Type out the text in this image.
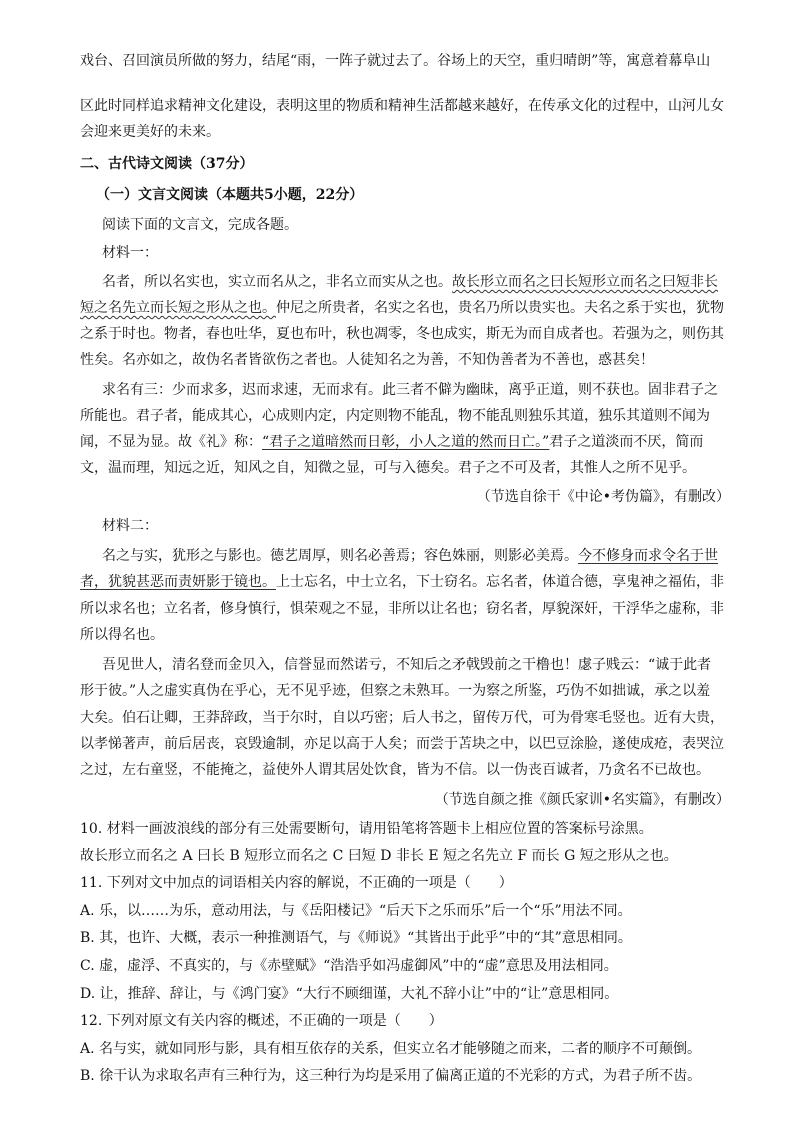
戏台、召回演员所做的努力，结尾“雨，一阵子就过去了。谷场上的天空，重归晴朗”等，寓意着幕阜山
区此时同样追求精神文化建设，表明这里的物质和精神生活都越来越好，在传承文化的过程中，山河儿女
会迎来更美好的未来。
二、古代诗文阅读（37分）
（一）文言文阅读（本题共5小题，22分）
阅读下面的文言文，完成各题。
材料一：
名者，所以名实也，实立而名从之，非名立而实从之也。故长形立而名之曰长短形立而名之曰短非长
短之名先立而长短之形从之也。仲尼之所贵者，名实之名也，贵名乃所以贵实也。夫名之系于实也，犹物
之系于时也。物者，春也吐华，夏也布叶，秋也凋零，冬也成实，斯无为而自成者也。若强为之，则伤其
性矣。名亦如之，故伪名者皆欲伤之者也。人徒知名之为善，不知伪善者为不善也，惑甚矣！
求名有三：少而求多，迟而求速，无而求有。此三者不僻为幽昧，离乎正道，则不获也。固非君子之
所能也。君子者，能成其心，心成则内定，内定则物不能乱，物不能乱则独乐其道，独乐其道则不闻为
闻，不显为显。故《礼》称：“君子之道暗然而日彰，小人之道的然而日亡。”君子之道淡而不厌，简而
文，温而理，知远之近，知风之自，知微之显，可与入德矣。君子之不可及者，其惟人之所不见乎。
（节选自徐干《中论•考伪篇》，有删改）
材料二：
名之与实，犹形之与影也。德艺周厚，则名必善焉；容色姝丽，则影必美焉。今不修身而求令名于世
者，犹貌甚恶而责妍影于镜也。上士忘名，中士立名，下士窃名。忘名者，体道合德，享鬼神之福佑，非
所以求名也；立名者，修身慎行，惧荣观之不显，非所以让名也；窃名者，厚貌深奸，干浮华之虚称，非
所以得名也。
吾见世人，清名登而金贝入，信誉显而然诺亏，不知后之矛戟毁前之干橹也！虙子贱云：“诚于此者
形于彼。”人之虚实真伪在乎心，无不见乎迹，但察之未熟耳。一为察之所鉴，巧伪不如拙诚，承之以羞
大矣。伯石让卿，王莽辞政，当于尔时，自以巧密；后人书之，留传万代，可为骨寒毛竖也。近有大贵，
以孝悌著声，前后居丧，哀毁逾制，亦足以高于人矣；而尝于苫块之中，以巴豆涂脸，遂使成疮，表哭泣
之过，左右童竖，不能掩之，益使外人谓其居处饮食，皆为不信。以一伪丧百诚者，乃贪名不已故也。
（节选自颜之推《颜氏家训•名实篇》，有删改）
10. 材料一画波浪线的部分有三处需要断句，请用铅笔将答题卡上相应位置的答案标号涂黑。
故长形立而名之 A 曰长 B 短形立而名之 C 曰短 D 非长 E 短之名先立 F 而长 G 短之形从之也。
11. 下列对文中加点的词语相关内容的解说，不正确的一项是（　　）
A. 乐，以……为乐，意动用法，与《岳阳楼记》“后天下之乐而乐”后一个“乐”用法不同。
B. 其，也许、大概，表示一种推测语气，与《师说》“其皆出于此乎”中的“其”意思相同。
C. 虚，虚浮、不真实的，与《赤壁赋》“浩浩乎如冯虚御风”中的“虚”意思及用法相同。
D. 让，推辞、辞让，与《鸿门宴》“大行不顾细谨，大礼不辞小让”中的“让”意思相同。
12. 下列对原文有关内容的概述，不正确的一项是（　　）
A. 名与实，就如同形与影，具有相互依存的关系，但实立名才能够随之而来，二者的顺序不可颠倒。
B. 徐干认为求取名声有三种行为，这三种行为均是采用了偏离正道的不光彩的方式，为君子所不齿。
